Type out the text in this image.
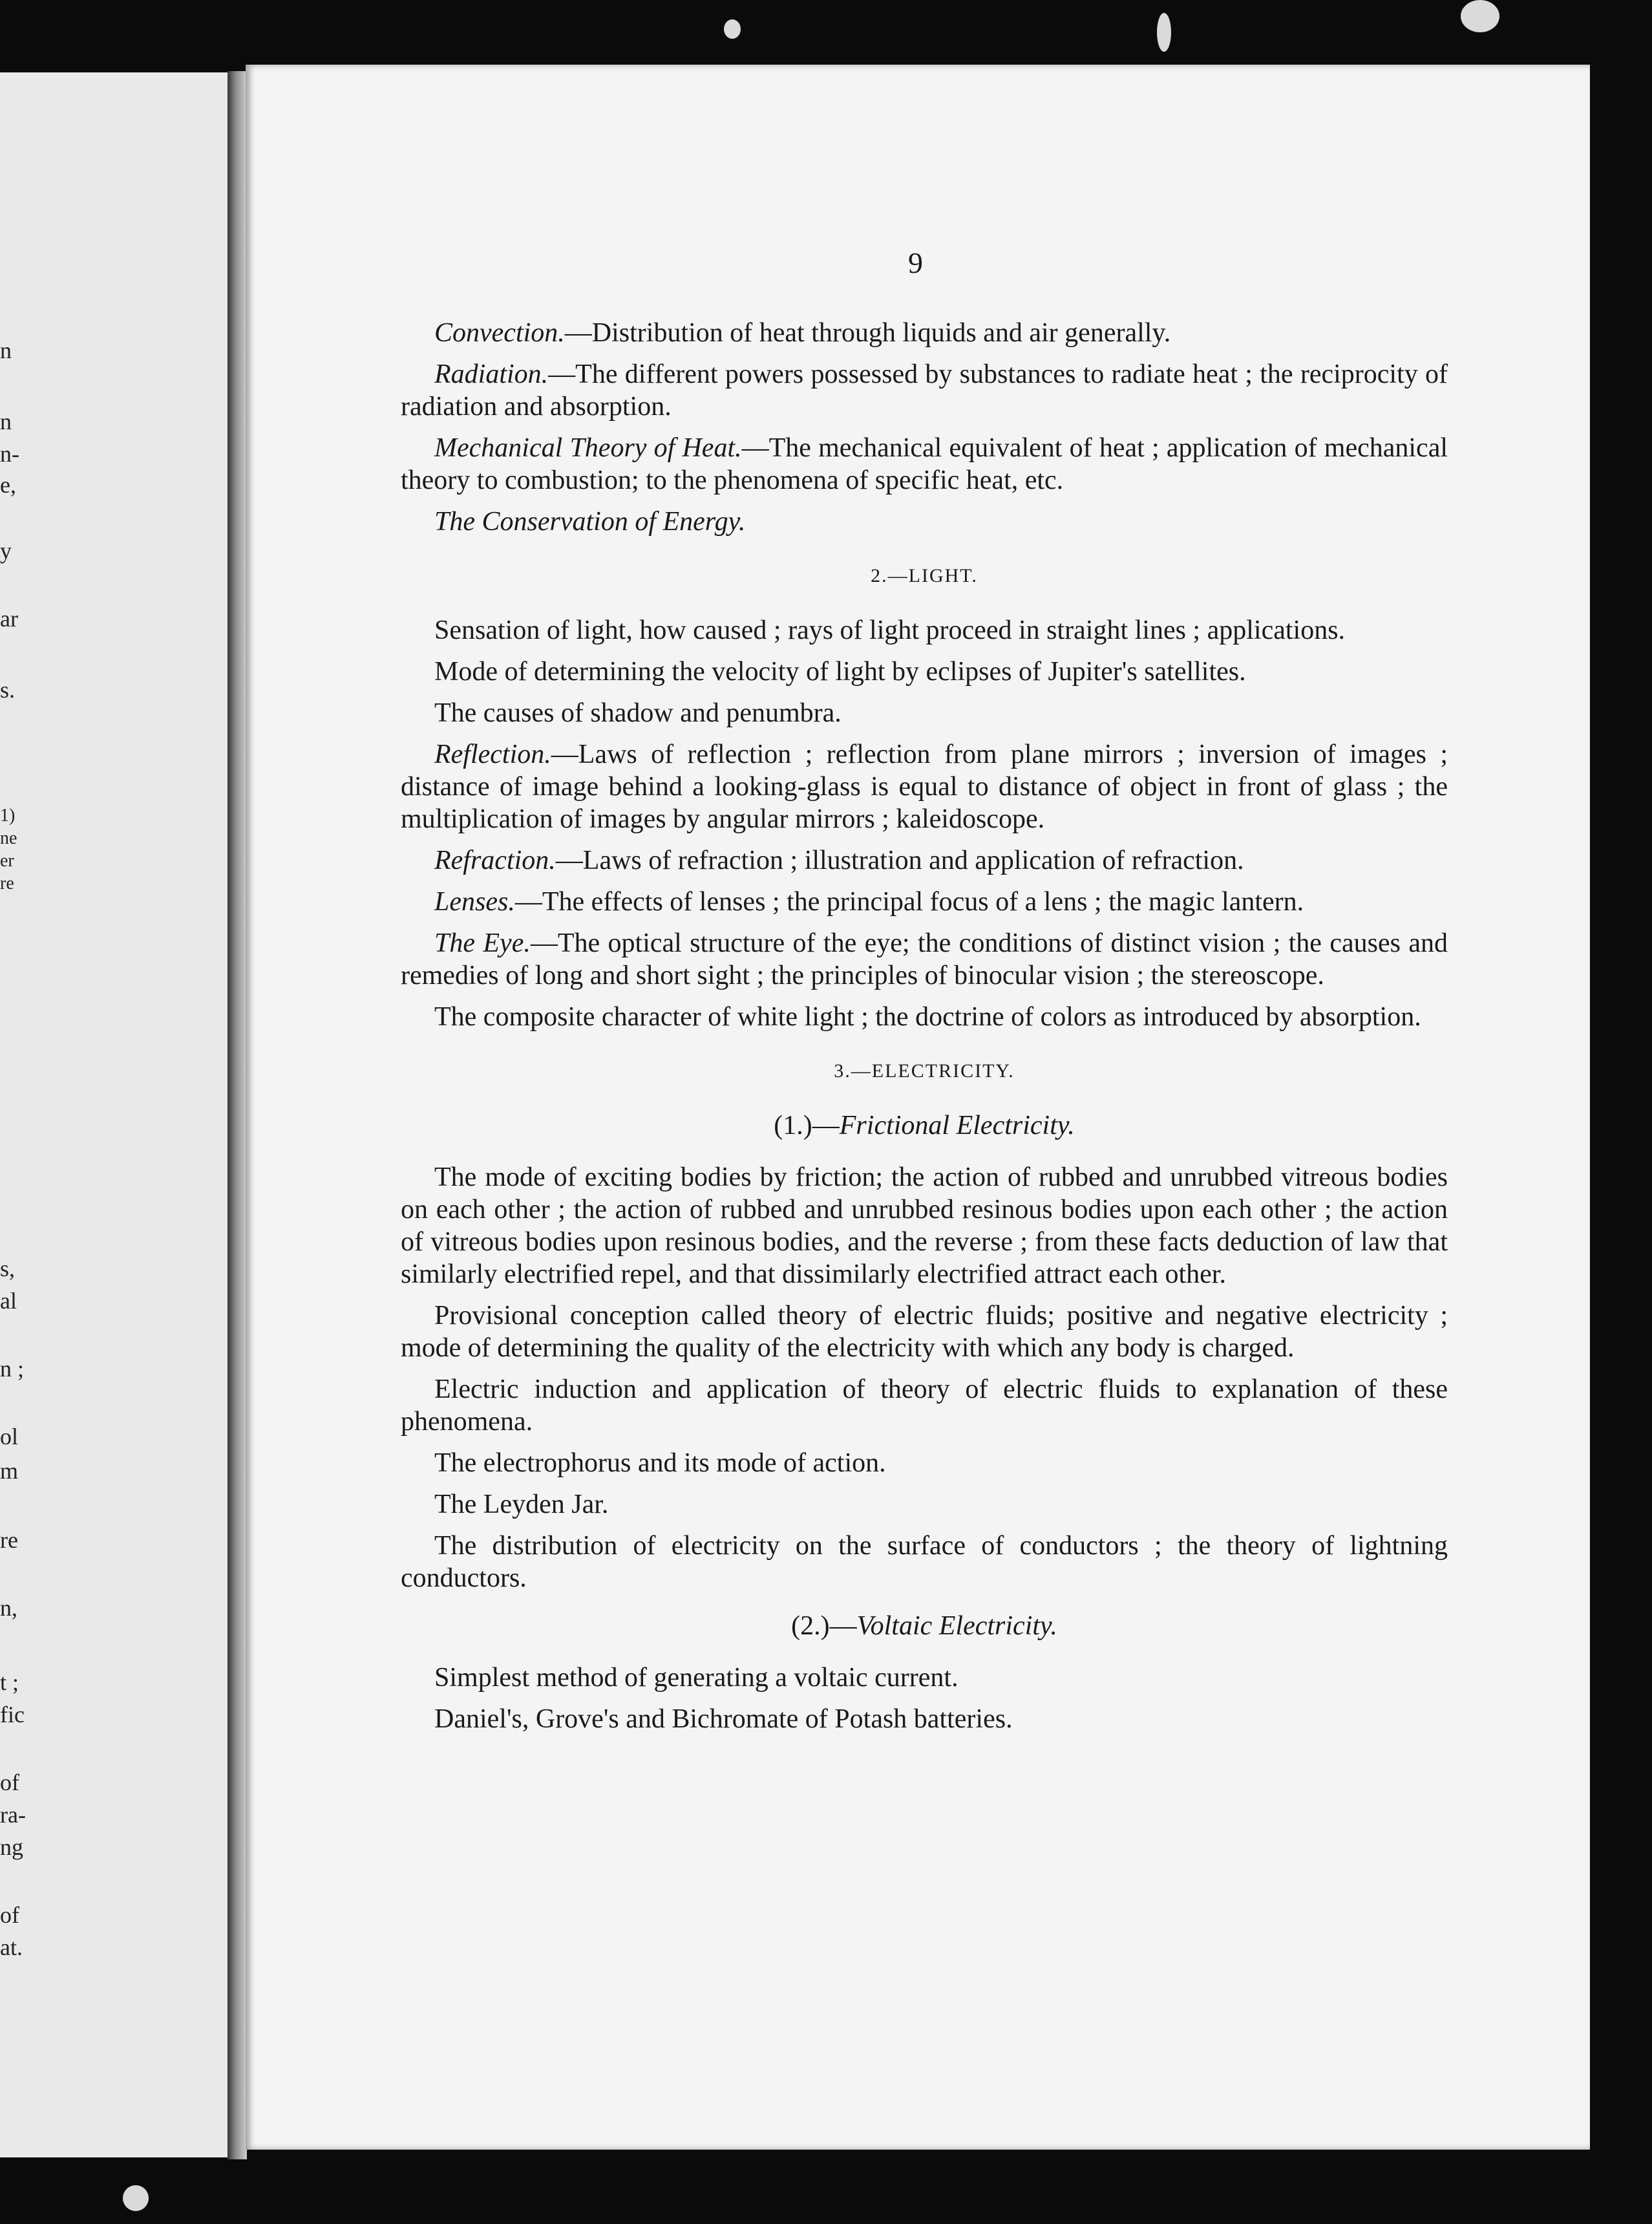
n
n
n-
e,
y
ar
s.
1)
ne
er
re
s,
al
n ;
ol
m
re
n,
t ;
fic
of
ra-
ng
of
at.
9

Convection.—Distribution of heat through liquids and air generally.

Radiation.—The different powers possessed by substances to radiate heat ; the reciprocity of radiation and absorption.

Mechanical Theory of Heat.—The mechanical equivalent of heat ; application of mechanical theory to combustion; to the phenomena of specific heat, etc.

The Conservation of Energy.

2.—LIGHT.

Sensation of light, how caused ; rays of light proceed in straight lines ; applications.

Mode of determining the velocity of light by eclipses of Jupiter's satellites.

The causes of shadow and penumbra.

Reflection.—Laws of reflection ; reflection from plane mirrors ; inversion of images ; distance of image behind a looking-glass is equal to distance of object in front of glass ; the multiplication of images by angular mirrors ; kaleidoscope.

Refraction.—Laws of refraction ; illustration and application of refraction.

Lenses.—The effects of lenses ; the principal focus of a lens ; the magic lantern.

The Eye.—The optical structure of the eye; the conditions of distinct vision ; the causes and remedies of long and short sight ; the principles of binocular vision ; the stereoscope.

The composite character of white light ; the doctrine of colors as introduced by absorption.

3.—ELECTRICITY.

(1.)—Frictional Electricity.

The mode of exciting bodies by friction; the action of rubbed and unrubbed vitreous bodies on each other ; the action of rubbed and unrubbed resinous bodies upon each other ; the action of vitreous bodies upon resinous bodies, and the reverse ; from these facts deduction of law that similarly electrified repel, and that dissimilarly electrified attract each other.

Provisional conception called theory of electric fluids; positive and negative electricity ; mode of determining the quality of the electricity with which any body is charged.

Electric induction and application of theory of electric fluids to explanation of these phenomena.

The electrophorus and its mode of action.

The Leyden Jar.

The distribution of electricity on the surface of conductors ; the theory of lightning conductors.

(2.)—Voltaic Electricity.

Simplest method of generating a voltaic current.

Daniel's, Grove's and Bichromate of Potash batteries.
